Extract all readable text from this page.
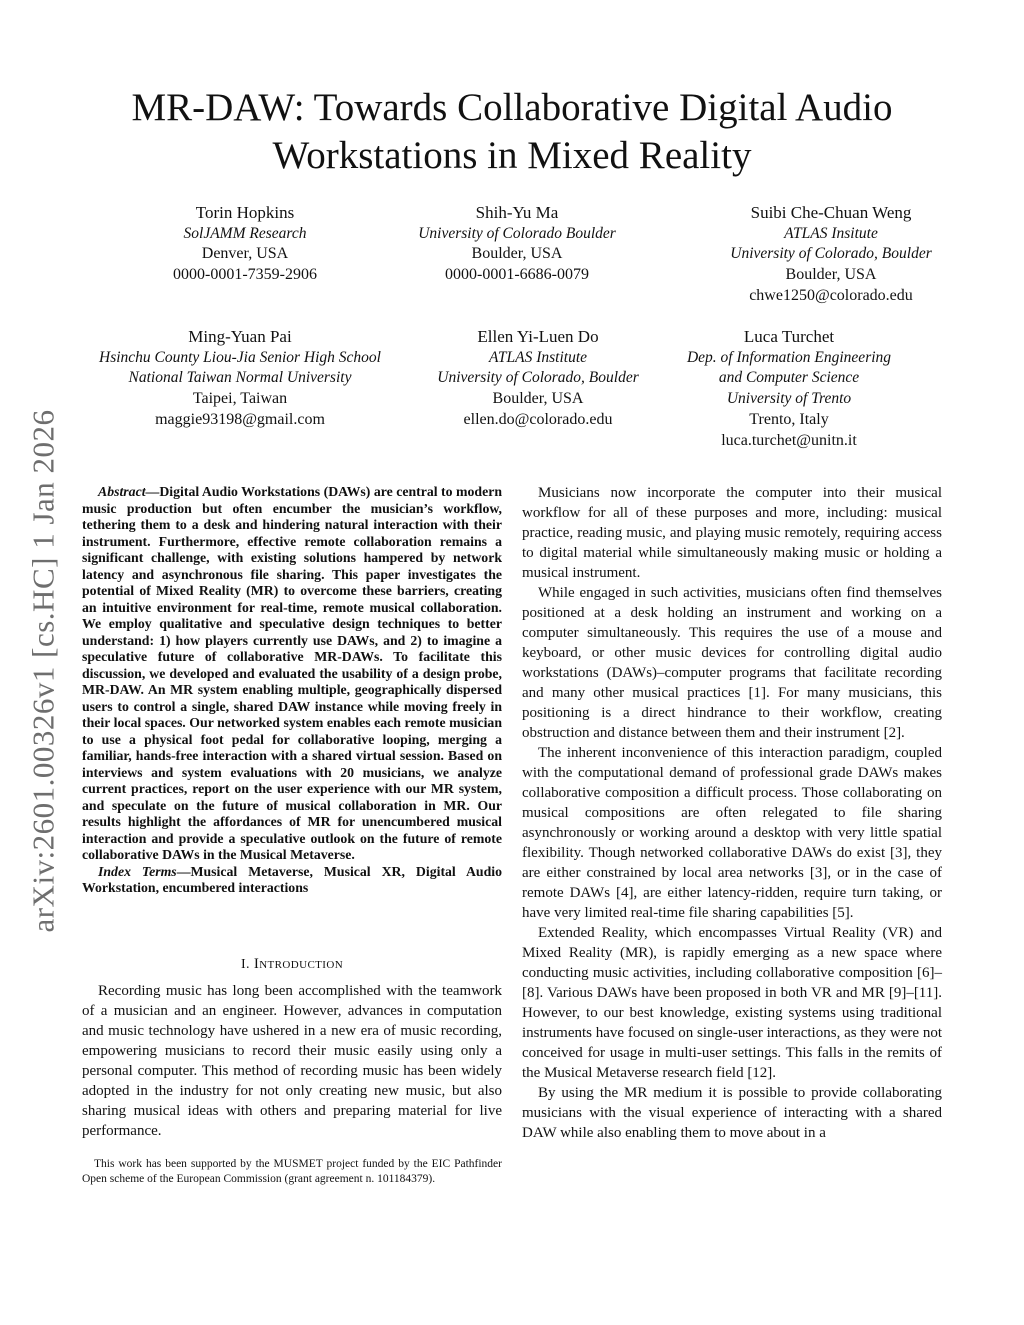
arXiv:2601.00326v1 [cs.HC] 1 Jan 2026
MR-DAW: Towards Collaborative Digital Audio
Workstations in Mixed Reality
Torin Hopkins
SolJAMM Research
Denver, USA
0000-0001-7359-2906
Shih-Yu Ma
University of Colorado Boulder
Boulder, USA
0000-0001-6686-0079
Suibi Che-Chuan Weng
ATLAS Insitute
University of Colorado, Boulder
Boulder, USA
chwe1250@colorado.edu
Ming-Yuan Pai
Hsinchu County Liou-Jia Senior High School
National Taiwan Normal University
Taipei, Taiwan
maggie93198@gmail.com
Ellen Yi-Luen Do
ATLAS Institute
University of Colorado, Boulder
Boulder, USA
ellen.do@colorado.edu
Luca Turchet
Dep. of Information Engineering
and Computer Science
University of Trento
Trento, Italy
luca.turchet@unitn.it

Abstract—Digital Audio Workstations (DAWs) are central to modern music production but often encumber the musician’s workflow, tethering them to a desk and hindering natural interaction with their instrument. Furthermore, effective remote collaboration remains a significant challenge, with existing solutions hampered by network latency and asynchronous file sharing. This paper investigates the potential of Mixed Reality (MR) to overcome these barriers, creating an intuitive environment for real-time, remote musical collaboration. We employ qualitative and speculative design techniques to better understand: 1) how players currently use DAWs, and 2) to imagine a speculative future of collaborative MR-DAWs. To facilitate this discussion, we developed and evaluated the usability of a design probe, MR-DAW. An MR system enabling multiple, geographically dispersed users to control a single, shared DAW instance while moving freely in their local spaces. Our networked system enables each remote musician to use a physical foot pedal for collaborative looping, merging a familiar, hands-free interaction with a shared virtual session. Based on interviews and system evaluations with 20 musicians, we analyze current practices, report on the user experience with our MR system, and speculate on the future of musical collaboration in MR. Our results highlight the affordances of MR for unencumbered musical interaction and provide a speculative outlook on the future of remote collaborative DAWs in the Musical Metaverse.

Index Terms—Musical Metaverse, Musical XR, Digital Audio Workstation, encumbered interactions

I. Introduction

Recording music has long been accomplished with the teamwork of a musician and an engineer. However, advances in computation and music technology have ushered in a new era of music recording, empowering musicians to record their music easily using only a personal computer. This method of recording music has been widely adopted in the industry for not only creating new music, but also sharing musical ideas with others and preparing material for live performance.

This work has been supported by the MUSMET project funded by the EIC Pathfinder Open scheme of the European Commission (grant agreement n. 101184379).

Musicians now incorporate the computer into their musical workflow for all of these purposes and more, including: musical practice, reading music, and playing music remotely, requiring access to digital material while simultaneously making music or holding a musical instrument.

While engaged in such activities, musicians often find themselves positioned at a desk holding an instrument and working on a computer simultaneously. This requires the use of a mouse and keyboard, or other music devices for controlling digital audio workstations (DAWs)–computer programs that facilitate recording and many other musical practices [1]. For many musicians, this positioning is a direct hindrance to their workflow, creating obstruction and distance between them and their instrument [2].

The inherent inconvenience of this interaction paradigm, coupled with the computational demand of professional grade DAWs makes collaborative composition a difficult process. Those collaborating on musical compositions are often relegated to file sharing asynchronously or working around a desktop with very little spatial flexibility. Though networked collaborative DAWs do exist [3], they are either constrained by local area networks [3], or in the case of remote DAWs [4], are either latency-ridden, require turn taking, or have very limited real-time file sharing capabilities [5].

Extended Reality, which encompasses Virtual Reality (VR) and Mixed Reality (MR), is rapidly emerging as a new space where conducting music activities, including collaborative composition [6]–[8]. Various DAWs have been proposed in both VR and MR [9]–[11]. However, to our best knowledge, existing systems using traditional instruments have focused on single-user interactions, as they were not conceived for usage in multi-user settings. This falls in the remits of the Musical Metaverse research field [12].

By using the MR medium it is possible to provide collaborating musicians with the visual experience of interacting with a shared DAW while also enabling them to move about in a
